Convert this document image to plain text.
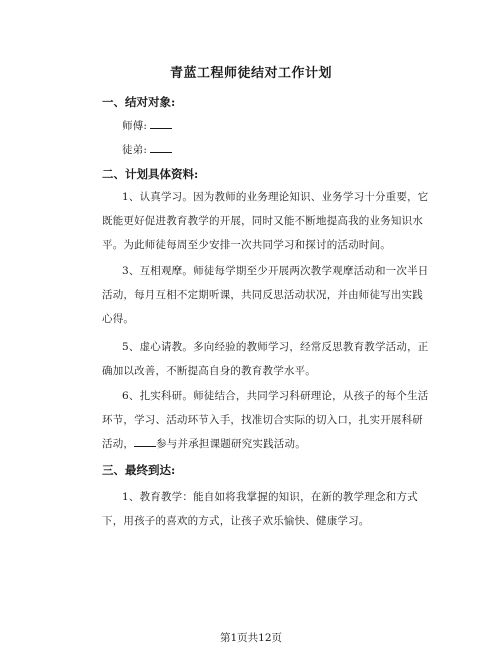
青蓝工程师徒结对工作计划
一、结对对象:
师傅:
徒弟:
二、计划具体资料:
1、认真学习。因为教师的业务理论知识、业务学习十分重要，它
既能更好促进教育教学的开展，同时又能不断地提高我的业务知识水
平。为此师徒每周至少安排一次共同学习和探讨的活动时间。
3、互相观摩。师徒每学期至少开展两次教学观摩活动和一次半日
活动，每月互相不定期听课，共同反思活动状况，并由师徒写出实践
心得。
5、虚心请教。多向经验的教师学习，经常反思教育教学活动，正
确加以改善，不断提高自身的教育教学水平。
6、扎实科研。师徒结合，共同学习科研理论，从孩子的每个生活
环节，学习、活动环节入手，找准切合实际的切入口，扎实开展科研
活动， 参与并承担课题研究实践活动。
三、最终到达:
1、教育教学：能自如将我掌握的知识，在新的教学理念和方式
下，用孩子的喜欢的方式，让孩子欢乐愉快、健康学习。
第1页共12页
